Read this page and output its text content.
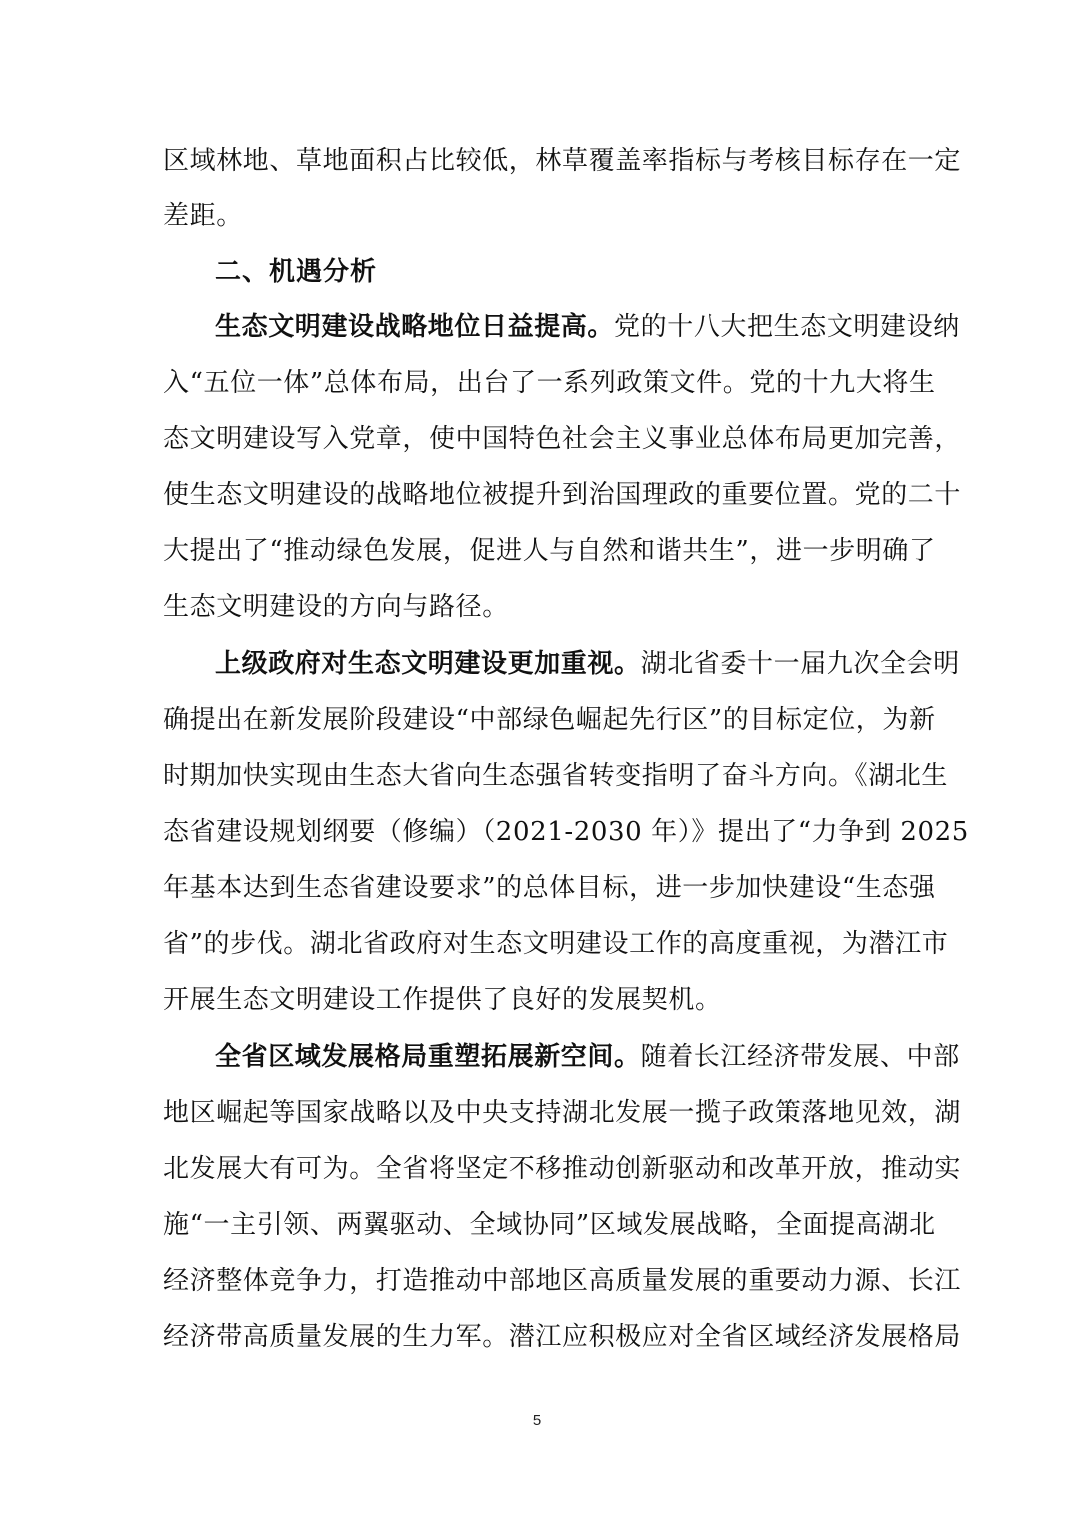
区域林地、草地面积占比较低，林草覆盖率指标与考核目标存在一定
差距。
二、机遇分析
生态文明建设战略地位日益提高。党的十八大把生态文明建设纳
入“五位一体”总体布局，出台了一系列政策文件。党的十九大将生
态文明建设写入党章，使中国特色社会主义事业总体布局更加完善，
使生态文明建设的战略地位被提升到治国理政的重要位置。党的二十
大提出了“推动绿色发展，促进人与自然和谐共生”，进一步明确了
生态文明建设的方向与路径。
上级政府对生态文明建设更加重视。湖北省委十一届九次全会明
确提出在新发展阶段建设“中部绿色崛起先行区”的目标定位，为新
时期加快实现由生态大省向生态强省转变指明了奋斗方向。《湖北生
态省建设规划纲要（修编）（2021-2030 年）》提出了“力争到 2025
年基本达到生态省建设要求”的总体目标，进一步加快建设“生态强
省”的步伐。湖北省政府对生态文明建设工作的高度重视，为潜江市
开展生态文明建设工作提供了良好的发展契机。
全省区域发展格局重塑拓展新空间。随着长江经济带发展、中部
地区崛起等国家战略以及中央支持湖北发展一揽子政策落地见效，湖
北发展大有可为。全省将坚定不移推动创新驱动和改革开放，推动实
施“一主引领、两翼驱动、全域协同”区域发展战略，全面提高湖北
经济整体竞争力，打造推动中部地区高质量发展的重要动力源、长江
经济带高质量发展的生力军。潜江应积极应对全省区域经济发展格局
5
